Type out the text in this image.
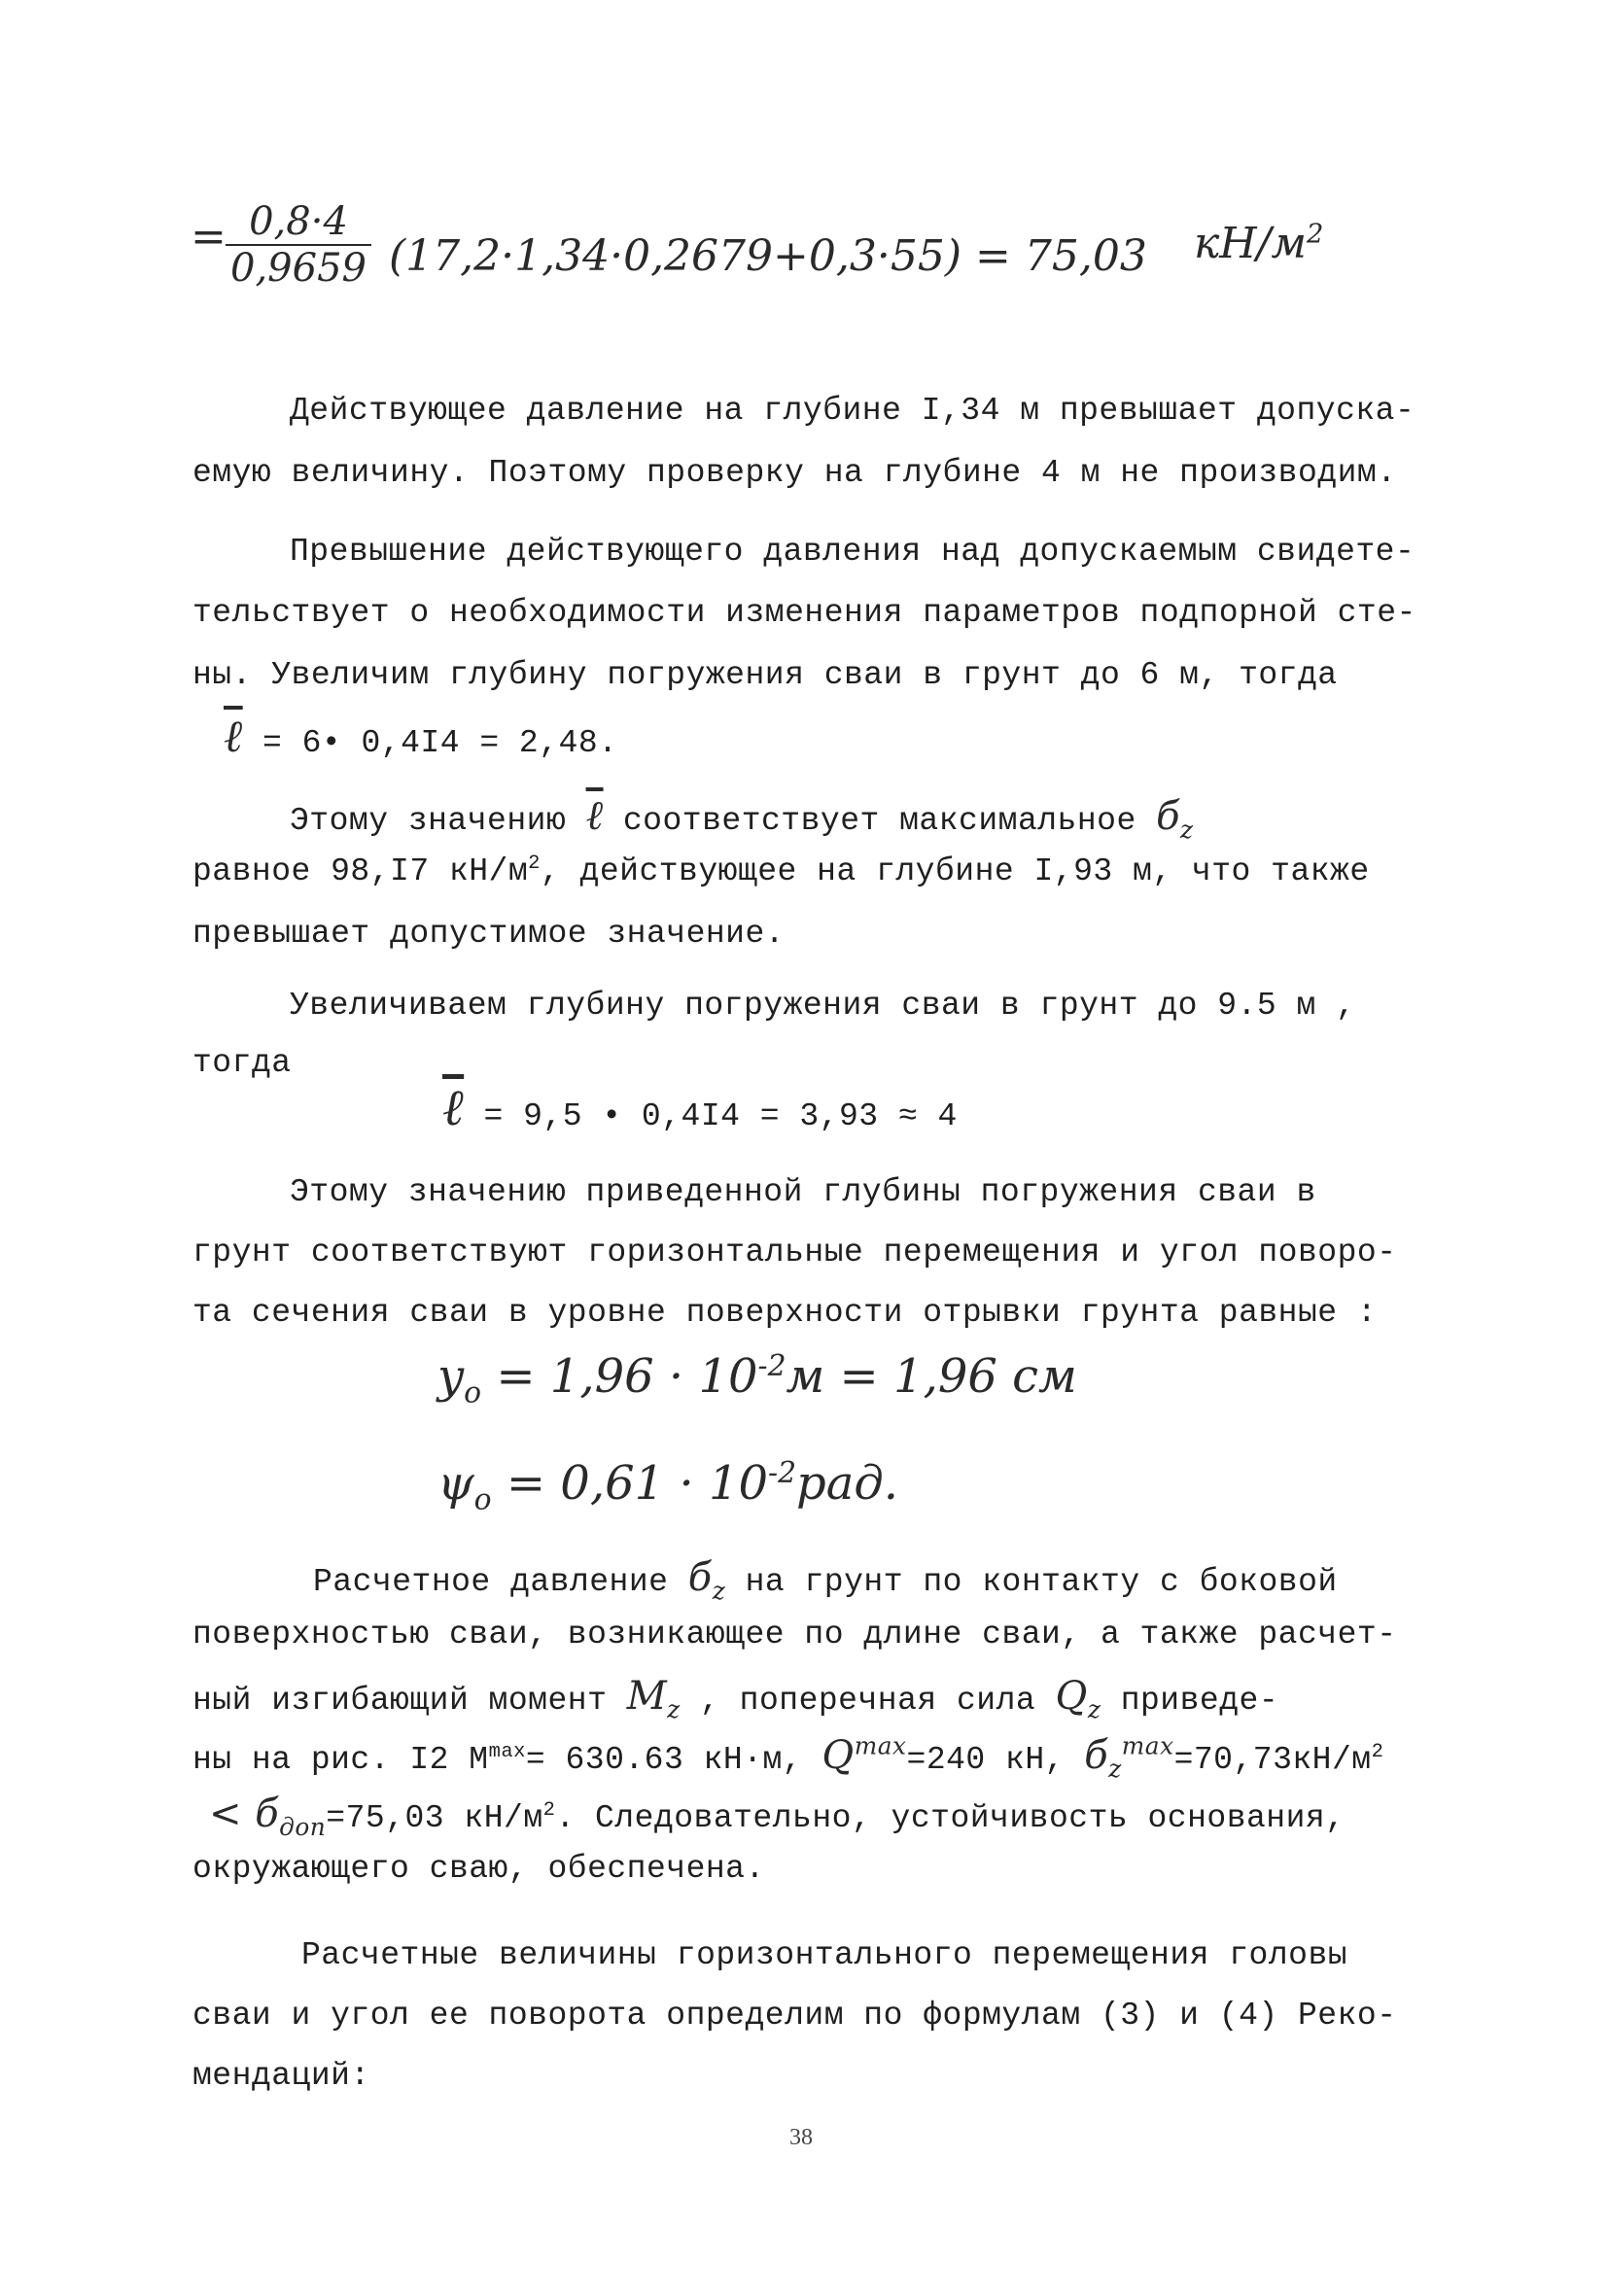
= $\frac{0,8\cdot 4}{0,9659} (17,2\cdot 1,34\cdot 0,2679+0,3\cdot 55) = 75,03$ $кН/м^2$
Действующее давление на глубине I,34 м превышает допуска-
емую величину. Поэтому проверку на глубине 4 м не производим.
Превышение действующего давления над допускаемым свидете-
тельствует о необходимости изменения параметров подпорной сте-
ны. Увеличим глубину погружения сваи в грунт до 6 м, тогда
ℓ = 6• 0,4I4 = 2,48.
Этому значению ℓ соответствует максимальное $б_z$
равное 98,I7 $кН/м^2$, действующее на глубине I,93 м, что также
превышает допустимое значение.
Увеличиваем глубину погружения сваи в грунт до 9.5 м ,
тогда
ℓ = 9,5 • 0,4I4 = 3,93 ≈ 4
Этому значению приведенной глубины погружения сваи в
грунт соответствуют горизонтальные перемещения и угол поворо-
та сечения сваи в уровне поверхности отрывки грунта равные :
$y_o = 1,96 \cdot 10^{-2}м = 1,96$ см
$\psi_o = 0,61 \cdot 10^{-2}рад$.
Расчетное давление $б_z$ на грунт по контакту с боковой
поверхностью сваи, возникающее по длине сваи, а также расчет-
ный изгибающий момент $M_z$ , поперечная сила $Q_z$ приведе-
ны на рис. I2 $M^{max}= 630.63$ кН·м, $Q^{max}=240$ кН, $б_z^{max}=70,73кН/м^2$
< $б_{доп}=75,03$ $кН/м^2$. Следовательно, устойчивость основания,
окружающего сваю, обеспечена.
Расчетные величины горизонтального перемещения головы
сваи и угол ее поворота определим по формулам (3) и (4) Реко-
мендаций:
38
